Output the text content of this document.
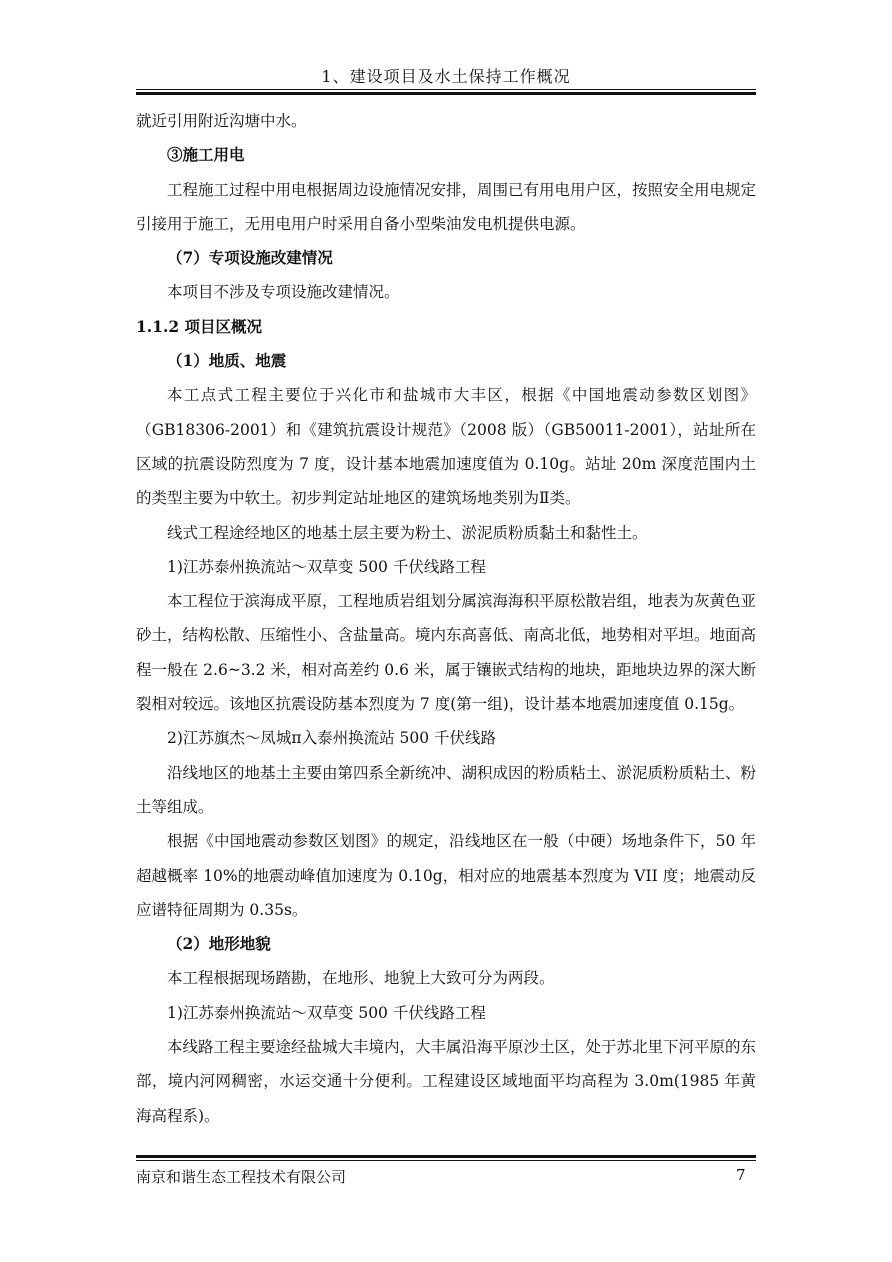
1、建设项目及水土保持工作概况

就近引用附近沟塘中水。

③施工用电

工程施工过程中用电根据周边设施情况安排，周围已有用电用户区，按照安全用电规定引接用于施工，无用电用户时采用自备小型柴油发电机提供电源。

（7）专项设施改建情况

本项目不涉及专项设施改建情况。

1.1.2 项目区概况

（1）地质、地震

本工点式工程主要位于兴化市和盐城市大丰区，根据《中国地震动参数区划图》（GB18306-2001）和《建筑抗震设计规范》（2008 版）（GB50011-2001），站址所在区域的抗震设防烈度为 7 度，设计基本地震加速度值为 0.10g。站址 20m 深度范围内土的类型主要为中软土。初步判定站址地区的建筑场地类别为Ⅱ类。

线式工程途经地区的地基土层主要为粉土、淤泥质粉质黏土和黏性土。

1)江苏泰州换流站～双草变 500 千伏线路工程

本工程位于滨海成平原，工程地质岩组划分属滨海海积平原松散岩组，地表为灰黄色亚砂土，结构松散、压缩性小、含盐量高。境内东高喜低、南高北低，地势相对平坦。地面高程一般在 2.6~3.2 米，相对高差约 0.6 米，属于镶嵌式结构的地块，距地块边界的深大断裂相对较远。该地区抗震设防基本烈度为 7 度(第一组)，设计基本地震加速度值 0.15g。

2)江苏旗杰～凤城π入泰州换流站 500 千伏线路

沿线地区的地基土主要由第四系全新统冲、湖积成因的粉质粘土、淤泥质粉质粘土、粉土等组成。

根据《中国地震动参数区划图》的规定，沿线地区在一般（中硬）场地条件下，50 年超越概率 10%的地震动峰值加速度为 0.10g，相对应的地震基本烈度为 VII 度；地震动反应谱特征周期为 0.35s。

（2）地形地貌

本工程根据现场踏勘，在地形、地貌上大致可分为两段。

1)江苏泰州换流站～双草变 500 千伏线路工程

本线路工程主要途经盐城大丰境内，大丰属沿海平原沙土区，处于苏北里下河平原的东部，境内河网稠密，水运交通十分便利。工程建设区域地面平均高程为 3.0m(1985 年黄海高程系)。

南京和谐生态工程技术有限公司	7
